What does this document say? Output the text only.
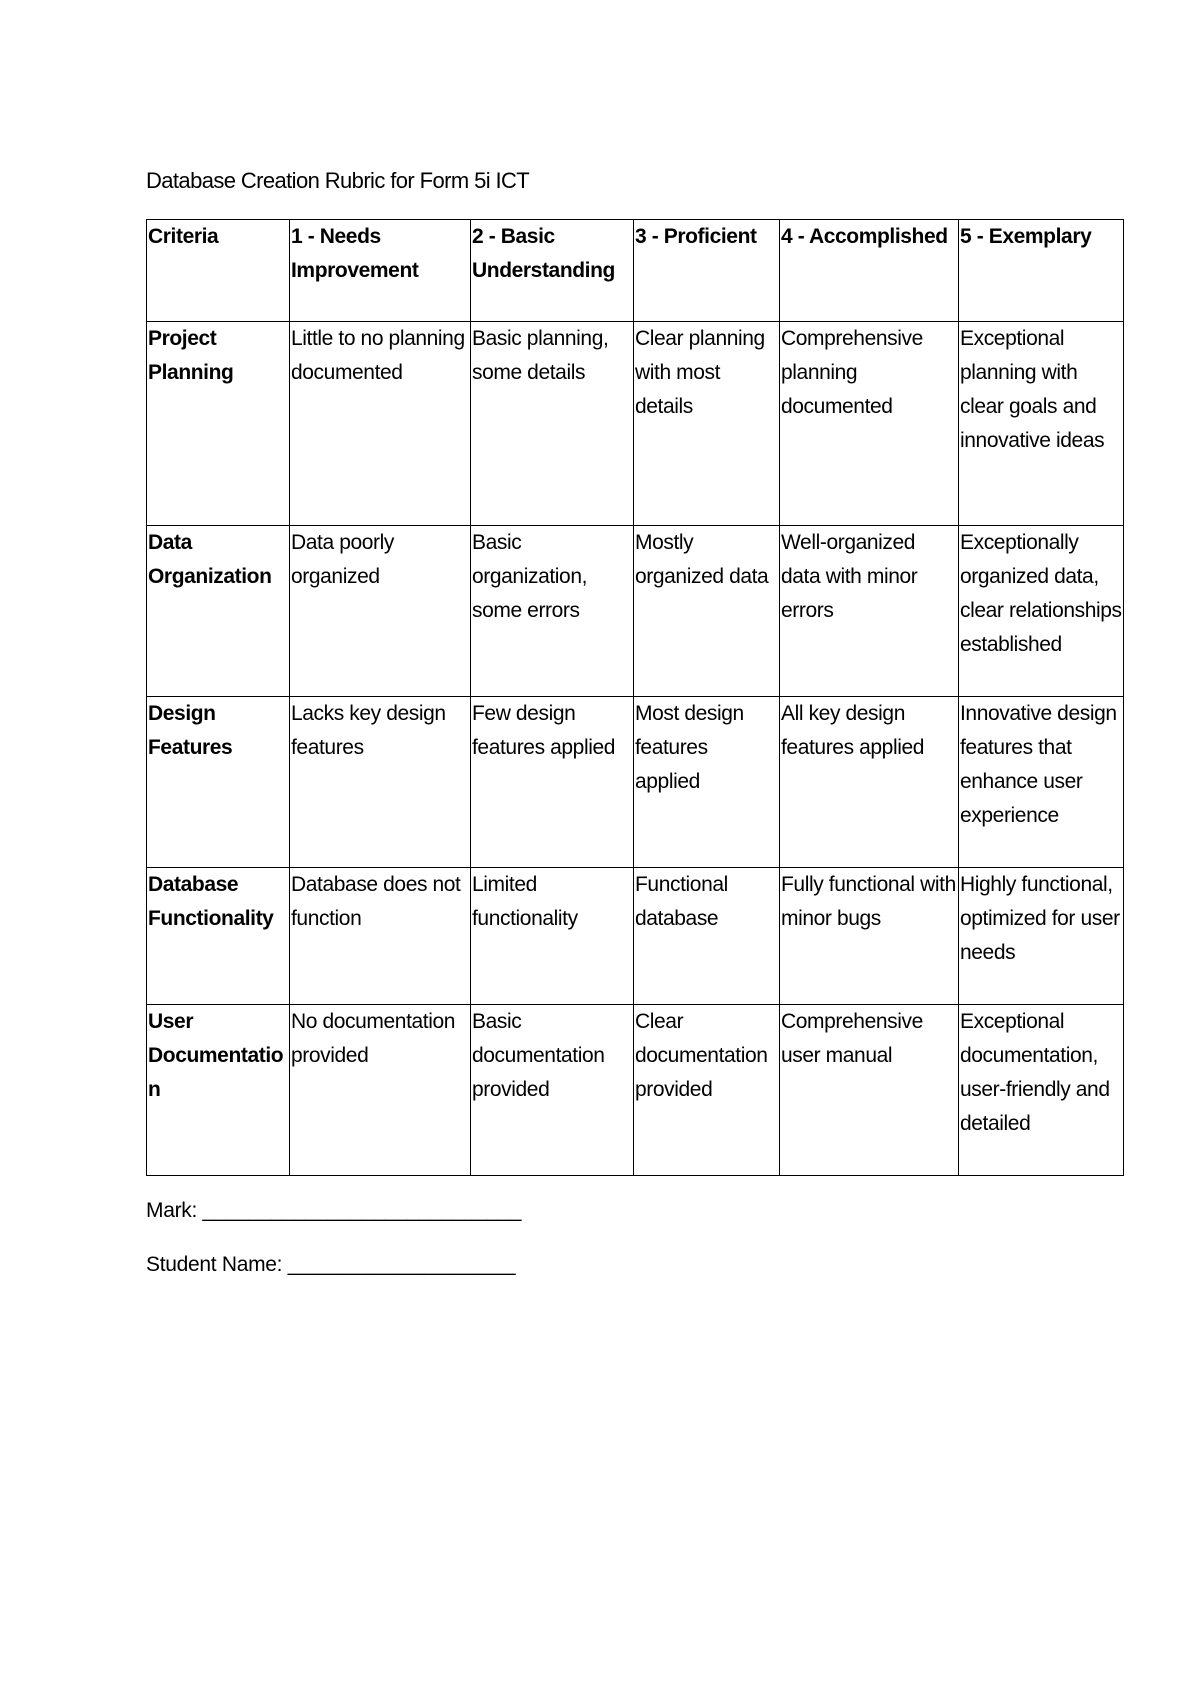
Database Creation Rubric for Form 5i ICT
Criteria	1 - Needs Improvement	2 - Basic Understanding	3 - Proficient	4 - Accomplished	5 - Exemplary
Project Planning	Little to no planning documented	Basic planning, some details	Clear planning with most details	Comprehensive planning documented	Exceptional planning with clear goals and innovative ideas
Data Organization	Data poorly organized	Basic organization, some errors	Mostly organized data	Well-organized data with minor errors	Exceptionally organized data, clear relationships established
Design Features	Lacks key design features	Few design features applied	Most design features applied	All key design features applied	Innovative design features that enhance user experience
Database Functionality	Database does not function	Limited functionality	Functional database	Fully functional with minor bugs	Highly functional, optimized for user needs
User Documentation	No documentation provided	Basic documentation provided	Clear documentation provided	Comprehensive user manual	Exceptional documentation, user-friendly and detailed
Mark: ____________________________
Student Name: ____________________
